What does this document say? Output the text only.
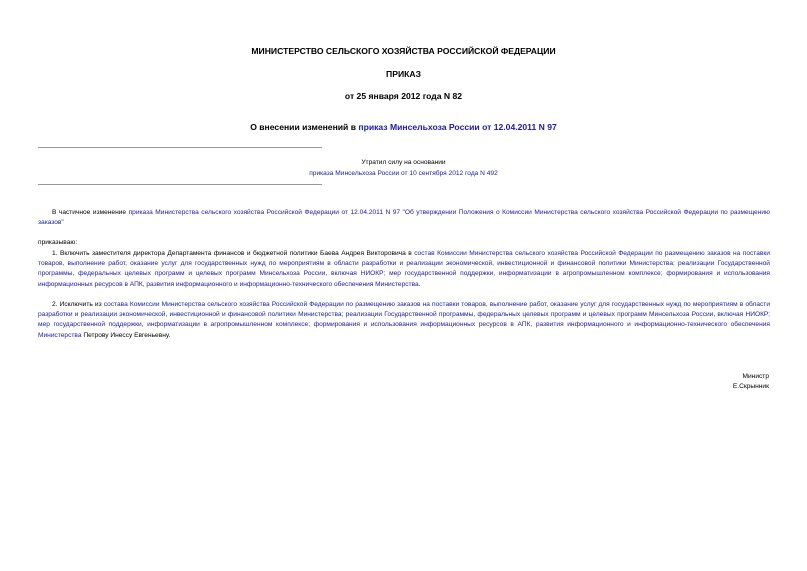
МИНИСТЕРСТВО СЕЛЬСКОГО ХОЗЯЙСТВА РОССИЙСКОЙ ФЕДЕРАЦИИ
ПРИКАЗ
от 25 января 2012 года N 82
О внесении изменений в приказ Минсельхоза России от 12.04.2011 N 97
Утратил силу на основании
приказа Минсельхоза России от 10 сентября 2012 года N 492
В частичное изменение приказа Министерства сельского хозяйства Российской Федерации от 12.04.2011 N 97 "Об утверждении Положения о Комиссии Министерства сельского хозяйства Российской Федерации по размещению заказов"
приказываю:
1. Включить заместителя директора Департамента финансов и бюджетной политики Баева Андрея Викторовича в состав Комиссии Министерства сельского хозяйства Российской Федерации по размещению заказов на поставки товаров, выполнение работ, оказание услуг для государственных нужд по мероприятиям в области разработки и реализации экономической, инвестиционной и финансовой политики Министерства; реализации Государственной программы, федеральных целевых программ и целевых программ Минсельхоза России, включая НИОКР; мер государственной поддержки, информатизации в агропромышленном комплексе; формирования и использования информационных ресурсов в АПК, развития информационного и информационно-технического обеспечения Министерства.
2. Исключить из состава Комиссии Министерства сельского хозяйства Российской Федерации по размещению заказов на поставки товаров, выполнение работ, оказание услуг для государственных нужд по мероприятиям в области разработки и реализации экономической, инвестиционной и финансовой политики Министерства; реализации Государственной программы, федеральных целевых программ и целевых программ Минсельхоза России, включая НИОКР; мер государственной поддержки, информатизации в агропромышленном комплексе; формирования и использования информационных ресурсов в АПК, развития информационного и информационно-технического обеспечения Министерства Петрову Инессу Евгеньевну.
Министр
Е.Скрынник
